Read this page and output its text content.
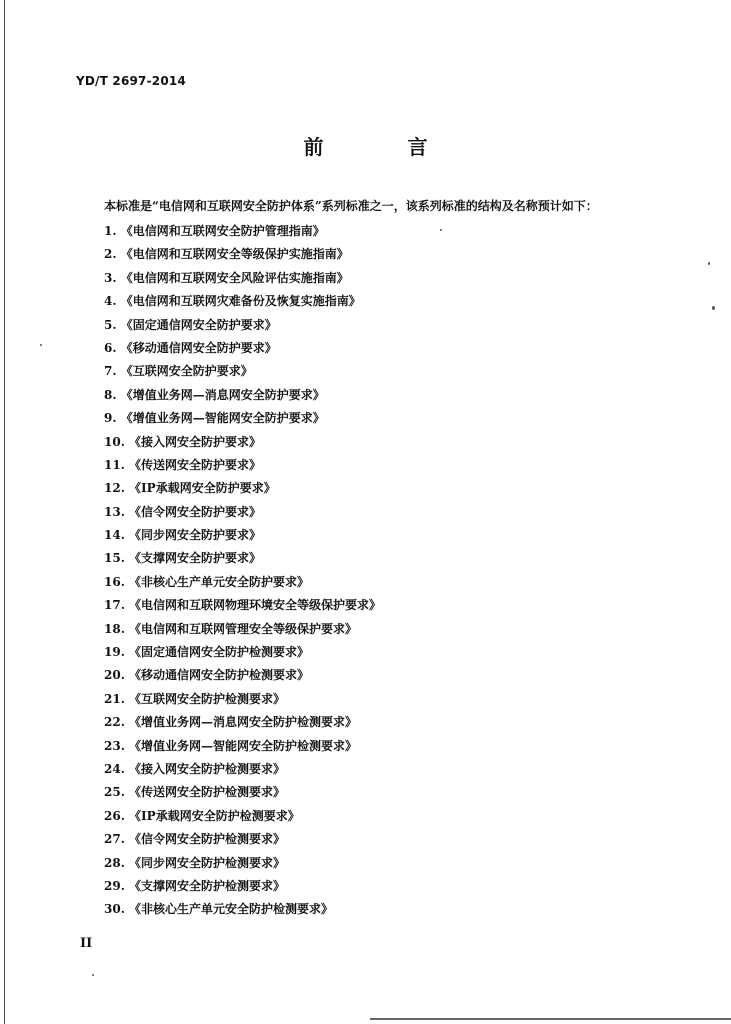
YD/T 2697-2014
前　言
本标准是“电信网和互联网安全防护体系”系列标准之一，该系列标准的结构及名称预计如下：
1. 《电信网和互联网安全防护管理指南》
2. 《电信网和互联网安全等级保护实施指南》
3. 《电信网和互联网安全风险评估实施指南》
4. 《电信网和互联网灾难备份及恢复实施指南》
5. 《固定通信网安全防护要求》
6. 《移动通信网安全防护要求》
7. 《互联网安全防护要求》
8. 《增值业务网—消息网安全防护要求》
9. 《增值业务网—智能网安全防护要求》
10. 《接入网安全防护要求》
11. 《传送网安全防护要求》
12. 《IP承载网安全防护要求》
13. 《信令网安全防护要求》
14. 《同步网安全防护要求》
15. 《支撑网安全防护要求》
16. 《非核心生产单元安全防护要求》
17. 《电信网和互联网物理环境安全等级保护要求》
18. 《电信网和互联网管理安全等级保护要求》
19. 《固定通信网安全防护检测要求》
20. 《移动通信网安全防护检测要求》
21. 《互联网安全防护检测要求》
22. 《增值业务网—消息网安全防护检测要求》
23. 《增值业务网—智能网安全防护检测要求》
24. 《接入网安全防护检测要求》
25. 《传送网安全防护检测要求》
26. 《IP承载网安全防护检测要求》
27. 《信令网安全防护检测要求》
28. 《同步网安全防护检测要求》
29. 《支撑网安全防护检测要求》
30. 《非核心生产单元安全防护检测要求》
II
